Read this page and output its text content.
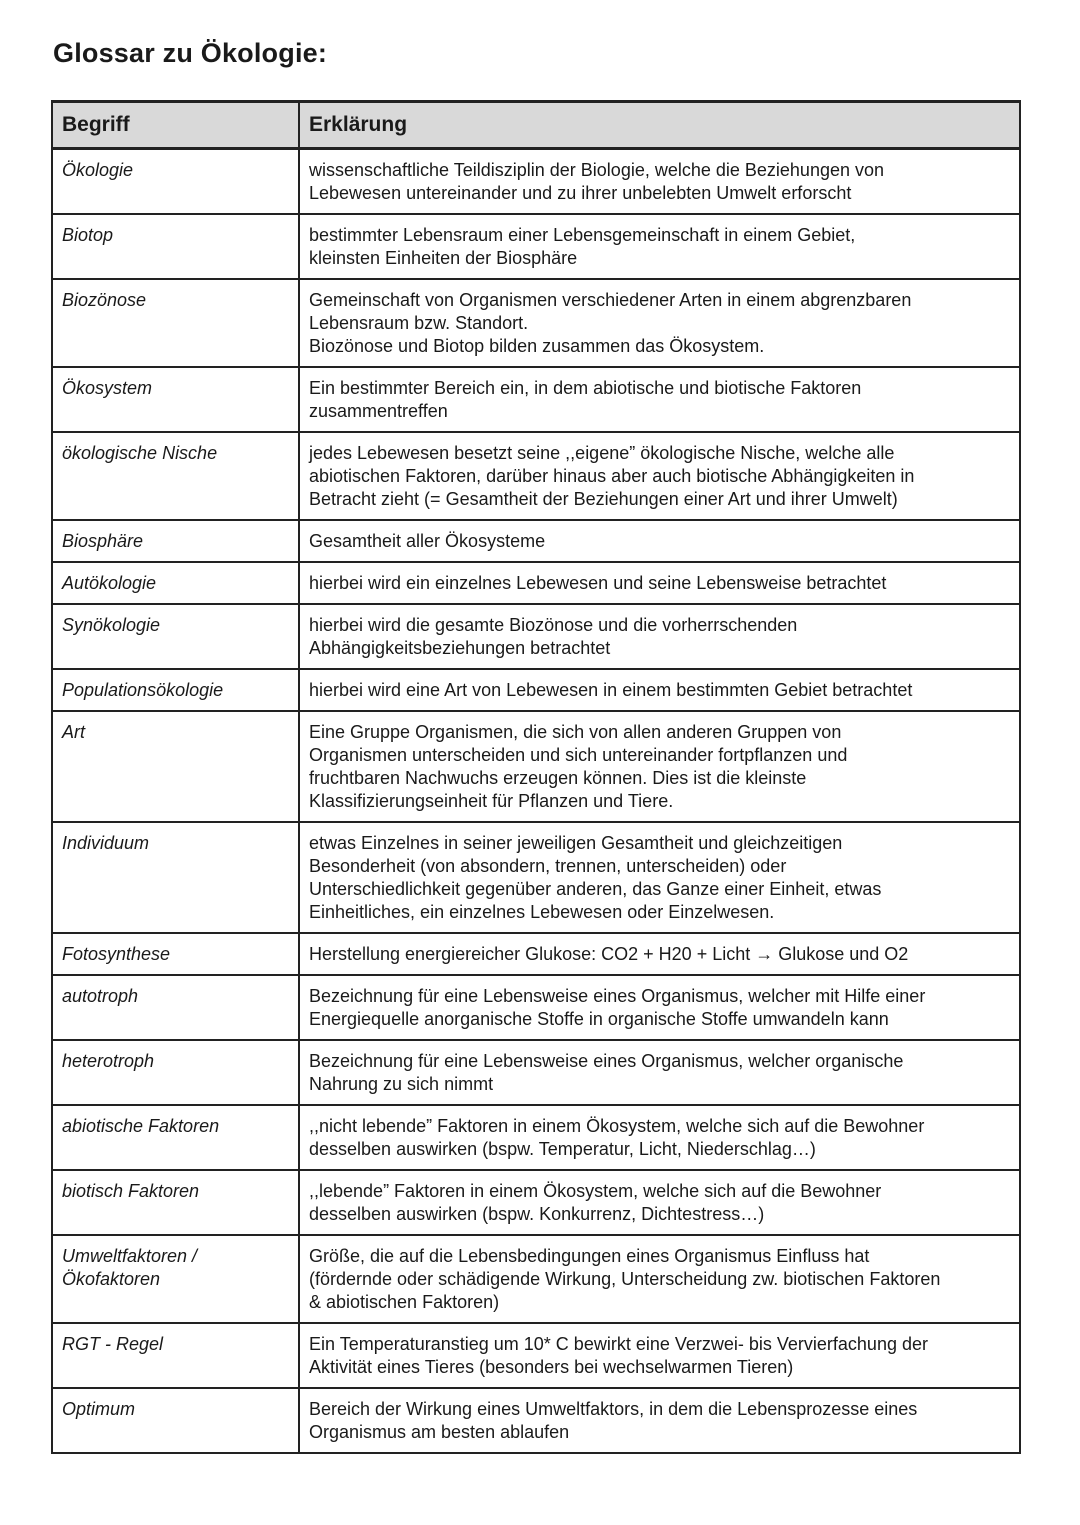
Glossar zu Ökologie:
Begriff	Erklärung

Ökologie	wissenschaftliche Teildisziplin der Biologie, welche die Beziehungen von
Lebewesen untereinander und zu ihrer unbelebten Umwelt erforscht

Biotop	bestimmter Lebensraum einer Lebensgemeinschaft in einem Gebiet,
kleinsten Einheiten der Biosphäre

Biozönose	Gemeinschaft von Organismen verschiedener Arten in einem abgrenzbaren
Lebensraum bzw. Standort.
Biozönose und Biotop bilden zusammen das Ökosystem.

Ökosystem	Ein bestimmter Bereich ein, in dem abiotische und biotische Faktoren
zusammentreffen

ökologische Nische	jedes Lebewesen besetzt seine ,,eigene” ökologische Nische, welche alle
abiotischen Faktoren, darüber hinaus aber auch biotische Abhängigkeiten in
Betracht zieht (= Gesamtheit der Beziehungen einer Art und ihrer Umwelt)

Biosphäre	Gesamtheit aller Ökosysteme

Autökologie	hierbei wird ein einzelnes Lebewesen und seine Lebensweise betrachtet

Synökologie	hierbei wird die gesamte Biozönose und die vorherrschenden
Abhängigkeitsbeziehungen betrachtet

Populationsökologie	hierbei wird eine Art von Lebewesen in einem bestimmten Gebiet betrachtet

Art	Eine Gruppe Organismen, die sich von allen anderen Gruppen von
Organismen unterscheiden und sich untereinander fortpflanzen und
fruchtbaren Nachwuchs erzeugen können. Dies ist die kleinste
Klassifizierungseinheit für Pflanzen und Tiere.

Individuum	etwas Einzelnes in seiner jeweiligen Gesamtheit und gleichzeitigen
Besonderheit (von absondern, trennen, unterscheiden) oder
Unterschiedlichkeit gegenüber anderen, das Ganze einer Einheit, etwas
Einheitliches, ein einzelnes Lebewesen oder Einzelwesen.

Fotosynthese	Herstellung energiereicher Glukose: CO2 + H20 + Licht → Glukose und O2

autotroph	Bezeichnung für eine Lebensweise eines Organismus, welcher mit Hilfe einer
Energiequelle anorganische Stoffe in organische Stoffe umwandeln kann

heterotroph	Bezeichnung für eine Lebensweise eines Organismus, welcher organische
Nahrung zu sich nimmt

abiotische Faktoren	,,nicht lebende” Faktoren in einem Ökosystem, welche sich auf die Bewohner
desselben auswirken (bspw. Temperatur, Licht, Niederschlag…)

biotisch Faktoren	,,lebende” Faktoren in einem Ökosystem, welche sich auf die Bewohner
desselben auswirken (bspw. Konkurrenz, Dichtestress…)

Umweltfaktoren /
Ökofaktoren	Größe, die auf die Lebensbedingungen eines Organismus Einfluss hat
(fördernde oder schädigende Wirkung, Unterscheidung zw. biotischen Faktoren
& abiotischen Faktoren)

RGT - Regel	Ein Temperaturanstieg um 10* C bewirkt eine Verzwei- bis Vervierfachung der
Aktivität eines Tieres (besonders bei wechselwarmen Tieren)

Optimum	Bereich der Wirkung eines Umweltfaktors, in dem die Lebensprozesse eines
Organismus am besten ablaufen
